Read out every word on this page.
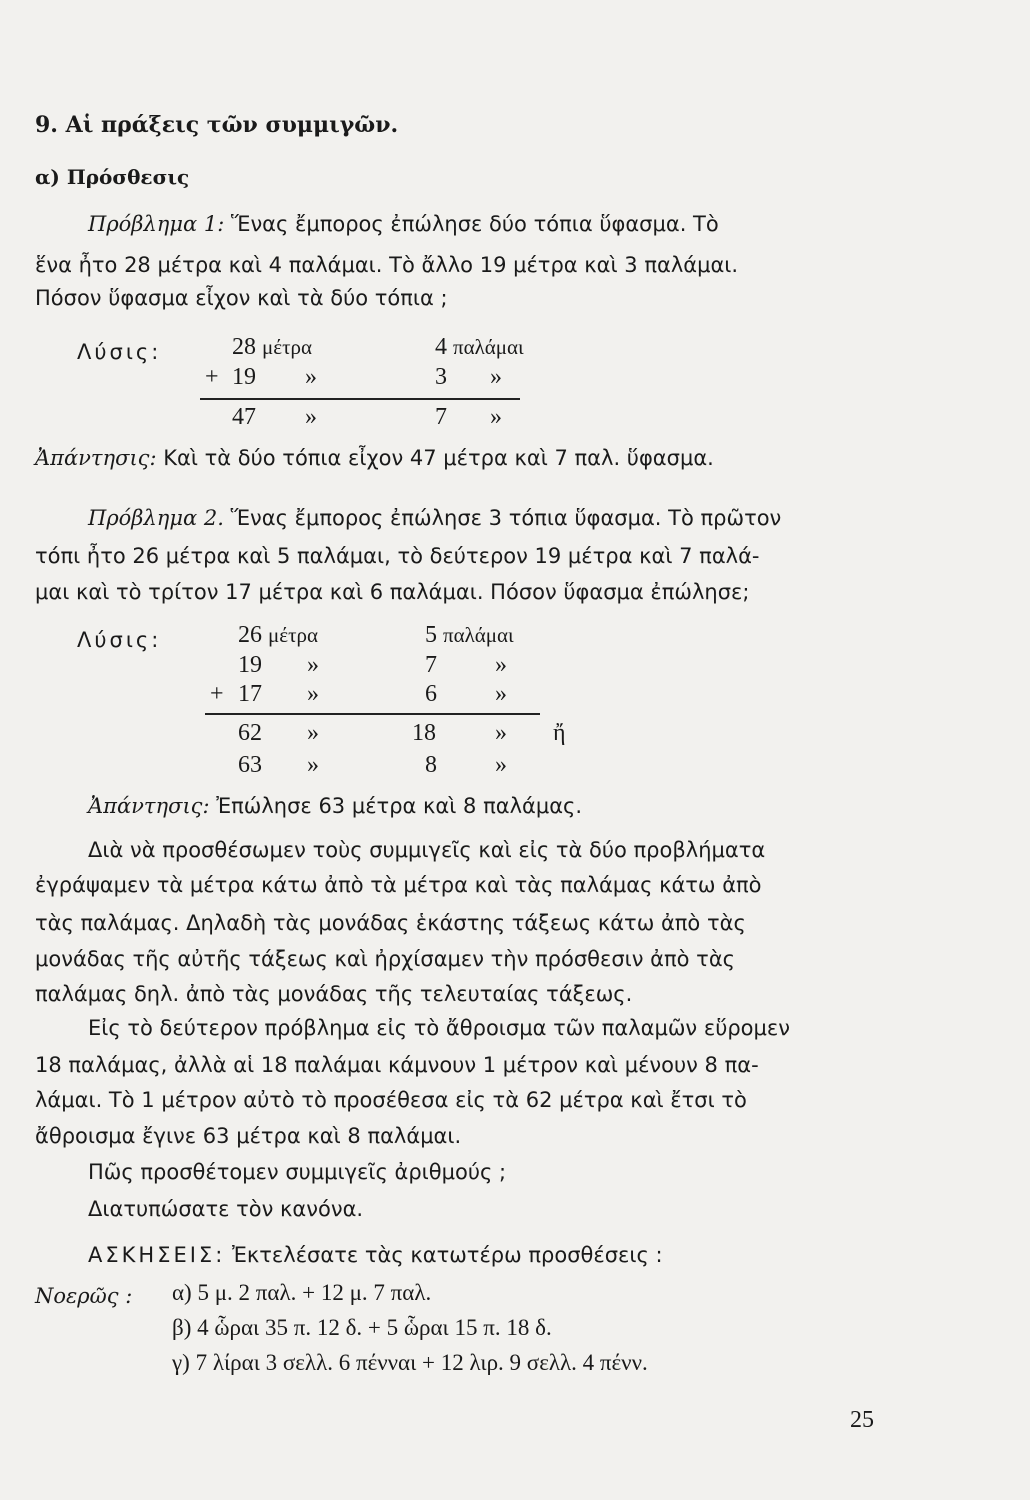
9. Αἱ πράξεις τῶν συμμιγῶν.
α) Πρόσθεσις
Πρόβλημα 1: Ἕνας ἔμπορος ἐπώλησε δύο τόπια ὕφασμα. Τὸ
ἕνα ἦτο 28 μέτρα καὶ 4 παλάμαι. Τὸ ἄλλο 19 μέτρα καὶ 3 παλάμαι.
Πόσον ὕφασμα εἶχον καὶ τὰ δύο τόπια ;
Λύσις:	28 μέτρα	4 παλάμαι
+ 19 »	3 »
47 »	7 »
Ἀπάντησις: Καὶ τὰ δύο τόπια εἶχον 47 μέτρα καὶ 7 παλ. ὕφασμα.
Πρόβλημα 2. Ἕνας ἔμπορος ἐπώλησε 3 τόπια ὕφασμα. Τὸ πρῶτον
τόπι ἦτο 26 μέτρα καὶ 5 παλάμαι, τὸ δεύτερον 19 μέτρα καὶ 7 παλά-
μαι καὶ τὸ τρίτον 17 μέτρα καὶ 6 παλάμαι. Πόσον ὕφασμα ἐπώλησε;
Λύσις:	26 μέτρα	5 παλάμαι
19 »	7 »
+ 17 »	6 »
62 »	18 » ἤ
63 »	8 »
Ἀπάντησις: Ἐπώλησε 63 μέτρα καὶ 8 παλάμας.
Διὰ νὰ προσθέσωμεν τοὺς συμμιγεῖς καὶ εἰς τὰ δύο προβλήματα
ἐγράψαμεν τὰ μέτρα κάτω ἀπὸ τὰ μέτρα καὶ τὰς παλάμας κάτω ἀπὸ
τὰς παλάμας. Δηλαδὴ τὰς μονάδας ἑκάστης τάξεως κάτω ἀπὸ τὰς
μονάδας τῆς αὐτῆς τάξεως καὶ ἠρχίσαμεν τὴν πρόσθεσιν ἀπὸ τὰς
παλάμας δηλ. ἀπὸ τὰς μονάδας τῆς τελευταίας τάξεως.
Εἰς τὸ δεύτερον πρόβλημα εἰς τὸ ἄθροισμα τῶν παλαμῶν εὕρομεν
18 παλάμας, ἀλλὰ αἱ 18 παλάμαι κάμνουν 1 μέτρον καὶ μένουν 8 πα-
λάμαι. Τὸ 1 μέτρον αὐτὸ τὸ προσέθεσα εἰς τὰ 62 μέτρα καὶ ἔτσι τὸ
ἄθροισμα ἔγινε 63 μέτρα καὶ 8 παλάμαι.
Πῶς προσθέτομεν συμμιγεῖς ἀριθμούς ;
Διατυπώσατε τὸν κανόνα.
ΑΣΚΗΣΕΙΣ: Ἐκτελέσατε τὰς κατωτέρω προσθέσεις :
Νοερῶς : α) 5 μ. 2 παλ. + 12 μ. 7 παλ.
β) 4 ὧραι 35 π. 12 δ. + 5 ὧραι 15 π. 18 δ.
γ) 7 λίραι 3 σελλ. 6 πένναι + 12 λιρ. 9 σελλ. 4 πένν.
25
